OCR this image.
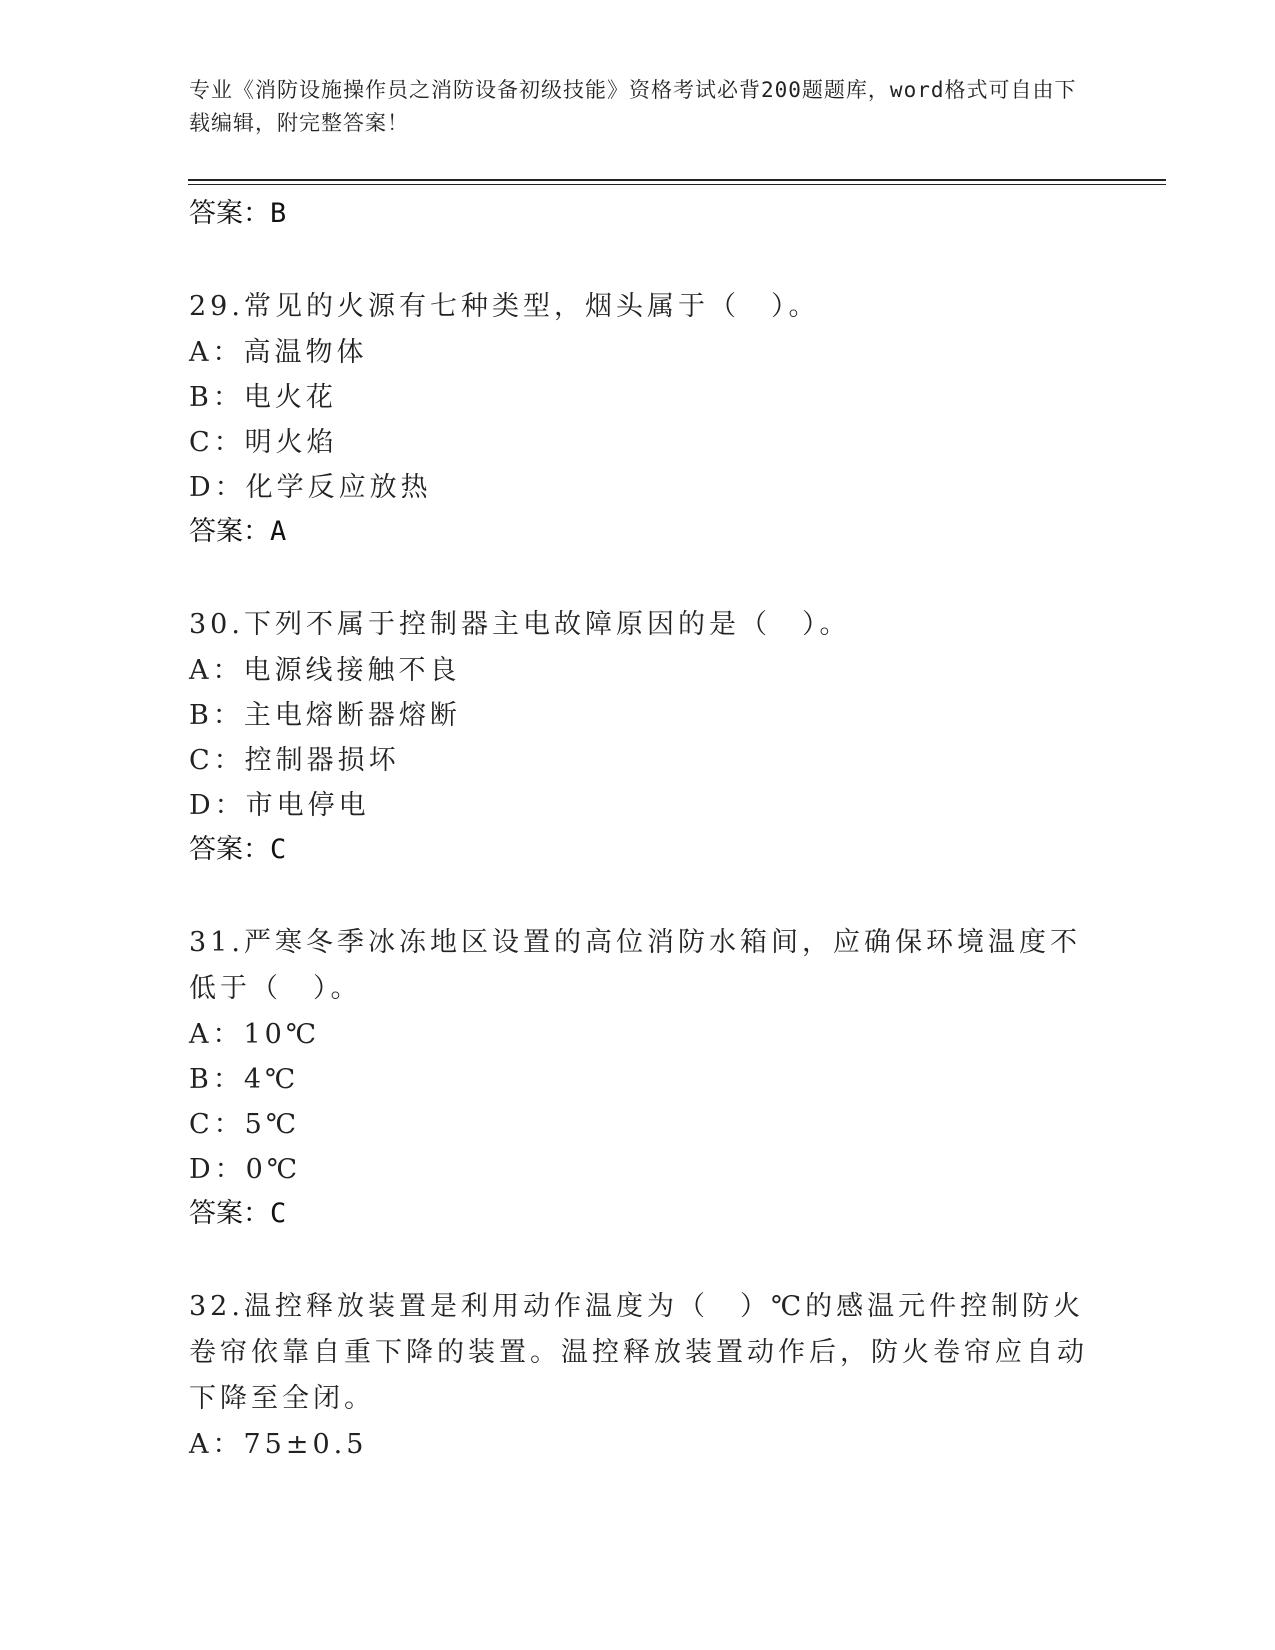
专业《消防设施操作员之消防设备初级技能》资格考试必背200题题库，word格式可自由下载编辑，附完整答案！
答案：B
29.常见的火源有七种类型，烟头属于（　）。
A：高温物体
B：电火花
C：明火焰
D：化学反应放热
答案：A
30.下列不属于控制器主电故障原因的是（　）。
A：电源线接触不良
B：主电熔断器熔断
C：控制器损坏
D：市电停电
答案：C
31.严寒冬季冰冻地区设置的高位消防水箱间，应确保环境温度不低于（　）。
A：10℃
B：4℃
C：5℃
D：0℃
答案：C
32.温控释放装置是利用动作温度为（　）℃的感温元件控制防火卷帘依靠自重下降的装置。温控释放装置动作后，防火卷帘应自动下降至全闭。
A：75±0.5
